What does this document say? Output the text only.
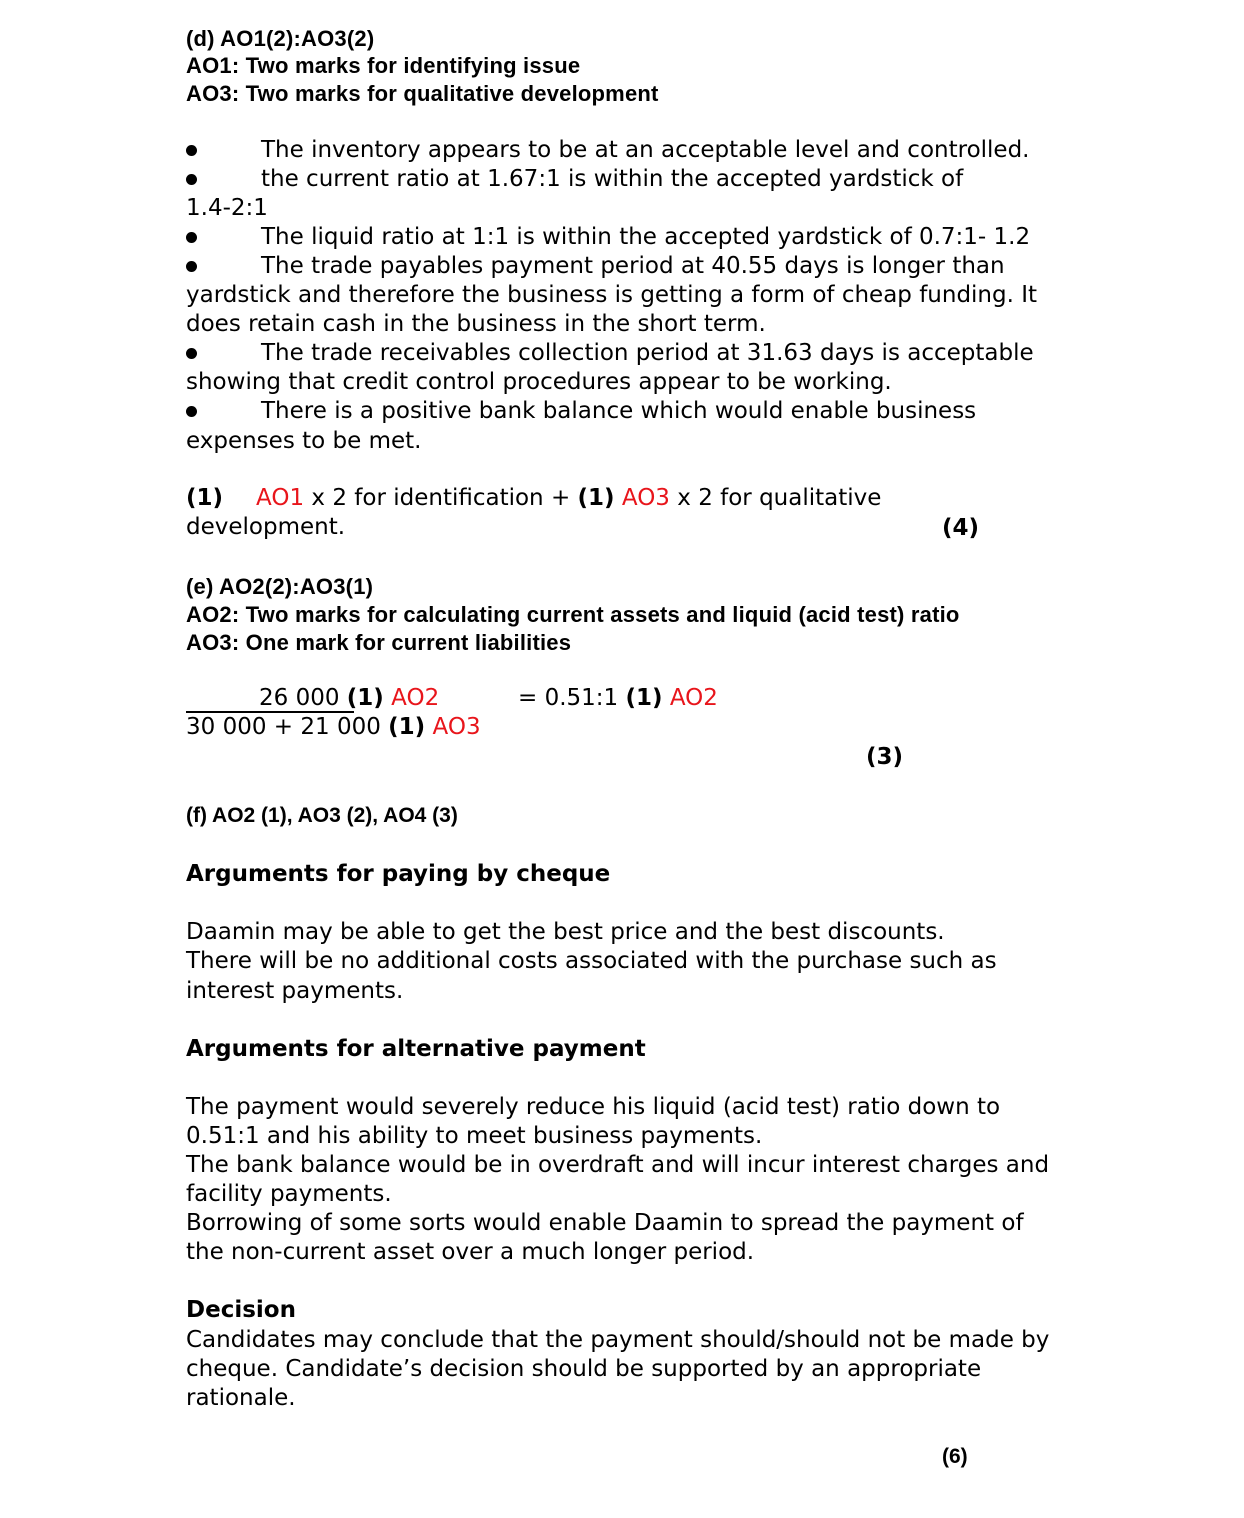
(d) AO1(2):AO3(2)
AO1: Two marks for identifying issue
AO3: Two marks for qualitative development
The inventory appears to be at an acceptable level and controlled.
the current ratio at 1.67:1 is within the accepted yardstick of
1.4-2:1
The liquid ratio at 1:1 is within the accepted yardstick of 0.7:1- 1.2
The trade payables payment period at 40.55 days is longer than
yardstick and therefore the business is getting a form of cheap funding. It
does retain cash in the business in the short term.
The trade receivables collection period at 31.63 days is acceptable
showing that credit control procedures appear to be working.
There is a positive bank balance which would enable business
expenses to be met.
(1) AO1 x 2 for identification + (1) AO3 x 2 for qualitative
development.	(4)
(e) AO2(2):AO3(1)
AO2: Two marks for calculating current assets and liquid (acid test) ratio
AO3: One mark for current liabilities
26 000 (1) AO2	= 0.51:1 (1) AO2
30 000 + 21 000 (1) AO3
(3)
(f) AO2 (1), AO3 (2), AO4 (3)
Arguments for paying by cheque
Daamin may be able to get the best price and the best discounts.
There will be no additional costs associated with the purchase such as
interest payments.
Arguments for alternative payment
The payment would severely reduce his liquid (acid test) ratio down to
0.51:1 and his ability to meet business payments.
The bank balance would be in overdraft and will incur interest charges and
facility payments.
Borrowing of some sorts would enable Daamin to spread the payment of
the non-current asset over a much longer period.
Decision
Candidates may conclude that the payment should/should not be made by
cheque. Candidate’s decision should be supported by an appropriate
rationale.
(6)
